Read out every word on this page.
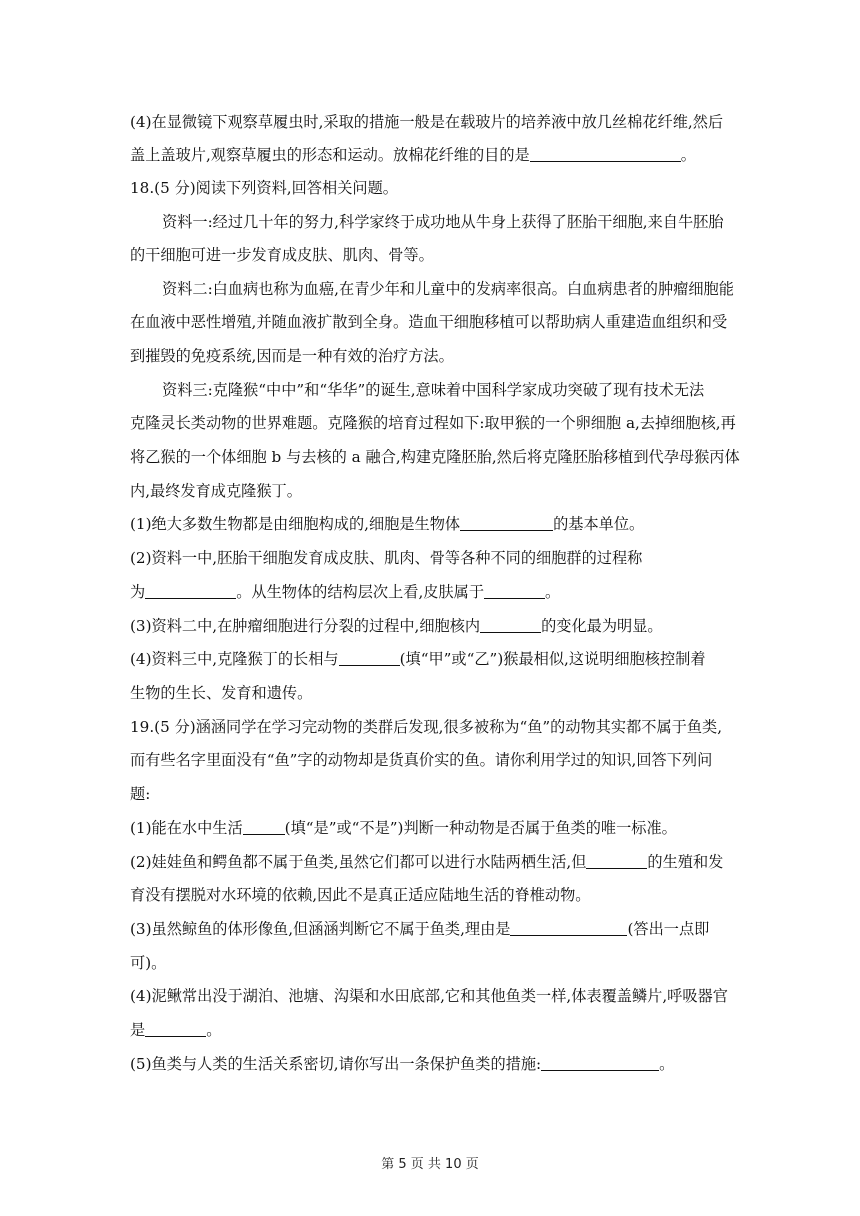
(4)在显微镜下观察草履虫时,采取的措施一般是在载玻片的培养液中放几丝棉花纤维,然后
盖上盖玻片,观察草履虫的形态和运动。放棉花纤维的目的是	。
18.(5 分)阅读下列资料,回答相关问题。
资料一:经过几十年的努力,科学家终于成功地从牛身上获得了胚胎干细胞,来自牛胚胎
的干细胞可进一步发育成皮肤、肌肉、骨等。
资料二:白血病也称为血癌,在青少年和儿童中的发病率很高。白血病患者的肿瘤细胞能
在血液中恶性增殖,并随血液扩散到全身。造血干细胞移植可以帮助病人重建造血组织和受
到摧毁的免疫系统,因而是一种有效的治疗方法。
资料三:克隆猴“中中”和“华华”的诞生,意味着中国科学家成功突破了现有技术无法
克隆灵长类动物的世界难题。克隆猴的培育过程如下:取甲猴的一个卵细胞 a,去掉细胞核,再
将乙猴的一个体细胞 b 与去核的 a 融合,构建克隆胚胎,然后将克隆胚胎移植到代孕母猴丙体
内,最终发育成克隆猴丁。
(1)绝大多数生物都是由细胞构成的,细胞是生物体	的基本单位。
(2)资料一中,胚胎干细胞发育成皮肤、肌肉、骨等各种不同的细胞群的过程称
为	。从生物体的结构层次上看,皮肤属于	。
(3)资料二中,在肿瘤细胞进行分裂的过程中,细胞核内	的变化最为明显。
(4)资料三中,克隆猴丁的长相与	(填“甲”或“乙”)猴最相似,这说明细胞核控制着
生物的生长、发育和遗传。
19.(5 分)涵涵同学在学习完动物的类群后发现,很多被称为“鱼”的动物其实都不属于鱼类,
而有些名字里面没有“鱼”字的动物却是货真价实的鱼。请你利用学过的知识,回答下列问
题:
(1)能在水中生活	(填“是”或“不是”)判断一种动物是否属于鱼类的唯一标准。
(2)娃娃鱼和鳄鱼都不属于鱼类,虽然它们都可以进行水陆两栖生活,但	的生殖和发
育没有摆脱对水环境的依赖,因此不是真正适应陆地生活的脊椎动物。
(3)虽然鲸鱼的体形像鱼,但涵涵判断它不属于鱼类,理由是	(答出一点即
可)。
(4)泥鳅常出没于湖泊、池塘、沟渠和水田底部,它和其他鱼类一样,体表覆盖鳞片,呼吸器官
是	。
(5)鱼类与人类的生活关系密切,请你写出一条保护鱼类的措施:	。
第 5 页 共 10 页
